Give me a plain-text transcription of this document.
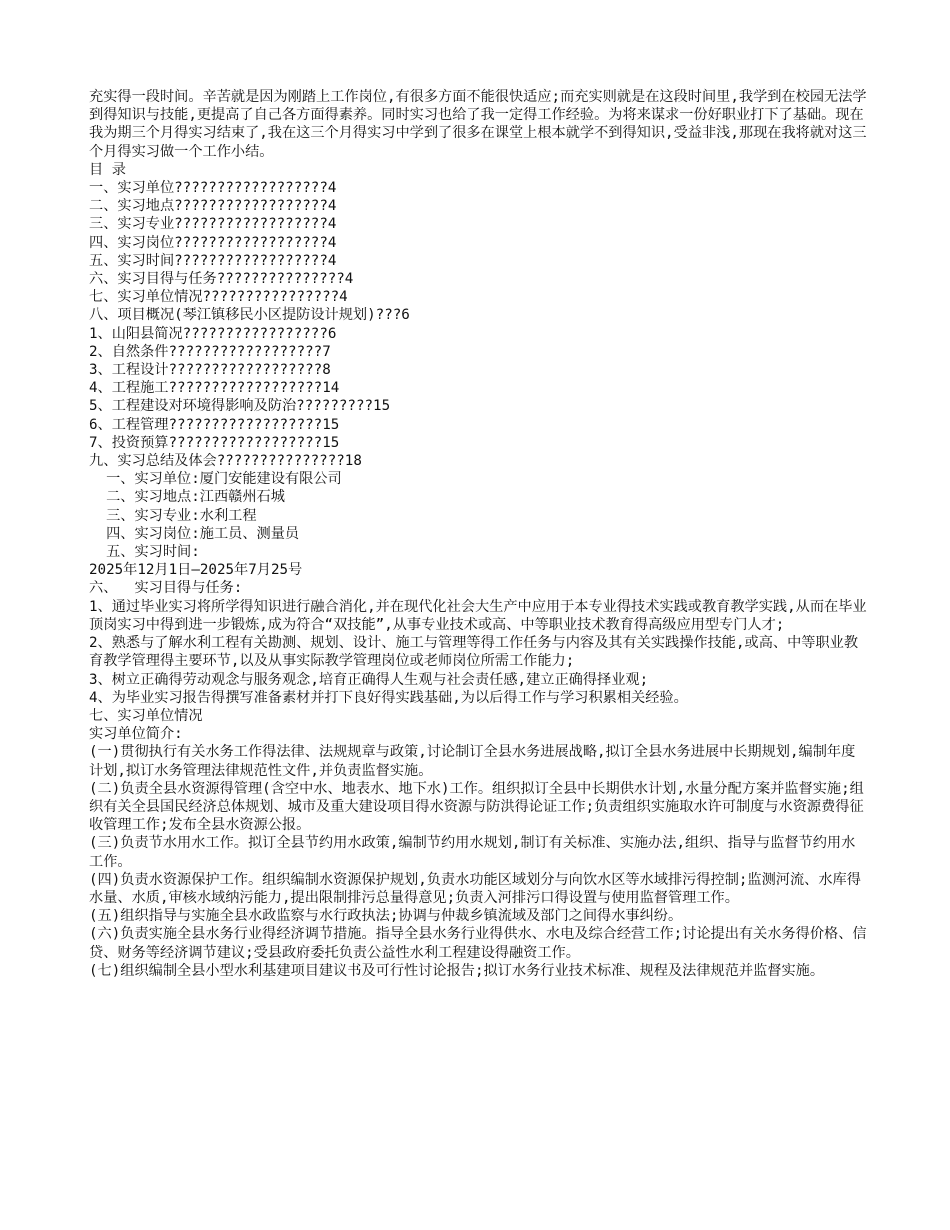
充实得一段时间。辛苦就是因为刚踏上工作岗位,有很多方面不能很快适应;而充实则就是在这段时间里,我学到在校园无法学到得知识与技能,更提高了自己各方面得素养。同时实习也给了我一定得工作经验。为将来谋求一份好职业打下了基础。现在我为期三个月得实习结束了,我在这三个月得实习中学到了很多在课堂上根本就学不到得知识,受益非浅,那现在我将就对这三个月得实习做一个工作小结。
目 录
一、实习单位??????????????????4
二、实习地点??????????????????4
三、实习专业??????????????????4
四、实习岗位??????????????????4
五、实习时间??????????????????4
六、实习目得与任务???????????????4
七、实习单位情况????????????????4
八、项目概况(琴江镇移民小区提防设计规划)???6
1、山阳县简况?????????????????6
2、自然条件??????????????????7
3、工程设计??????????????????8
4、工程施工??????????????????14
5、工程建设对环境得影响及防治?????????15
6、工程管理??????????????????15
7、投资预算??????????????????15
九、实习总结及体会???????????????18
一、实习单位:厦门安能建设有限公司
二、实习地点:江西赣州石城
三、实习专业:水利工程
四、实习岗位:施工员、测量员
五、实习时间:
2025年12月1日—2025年7月25号
六、  实习目得与任务:
1、通过毕业实习将所学得知识进行融合消化,并在现代化社会大生产中应用于本专业得技术实践或教育教学实践,从而在毕业顶岗实习中得到进一步锻炼,成为符合“双技能”,从事专业技术或高、中等职业技术教育得高级应用型专门人才;
2、熟悉与了解水利工程有关勘测、规划、设计、施工与管理等得工作任务与内容及其有关实践操作技能,或高、中等职业教育教学管理得主要环节,以及从事实际教学管理岗位或老师岗位所需工作能力;
3、树立正确得劳动观念与服务观念,培育正确得人生观与社会责任感,建立正确得择业观;
4、为毕业实习报告得撰写准备素材并打下良好得实践基础,为以后得工作与学习积累相关经验。
七、实习单位情况
实习单位简介:
(一)贯彻执行有关水务工作得法律、法规规章与政策,讨论制订全县水务进展战略,拟订全县水务进展中长期规划,编制年度计划,拟订水务管理法律规范性文件,并负责监督实施。
(二)负责全县水资源得管理(含空中水、地表水、地下水)工作。组织拟订全县中长期供水计划,水量分配方案并监督实施;组织有关全县国民经济总体规划、城市及重大建设项目得水资源与防洪得论证工作;负责组织实施取水许可制度与水资源费得征收管理工作;发布全县水资源公报。
(三)负责节水用水工作。拟订全县节约用水政策,编制节约用水规划,制订有关标准、实施办法,组织、指导与监督节约用水工作。
(四)负责水资源保护工作。组织编制水资源保护规划,负责水功能区域划分与向饮水区等水域排污得控制;监测河流、水库得水量、水质,审核水域纳污能力,提出限制排污总量得意见;负责入河排污口得设置与使用监督管理工作。
(五)组织指导与实施全县水政监察与水行政执法;协调与仲裁乡镇流域及部门之间得水事纠纷。
(六)负责实施全县水务行业得经济调节措施。指导全县水务行业得供水、水电及综合经营工作;讨论提出有关水务得价格、信贷、财务等经济调节建议;受县政府委托负责公益性水利工程建设得融资工作。
(七)组织编制全县小型水利基建项目建议书及可行性讨论报告;拟订水务行业技术标准、规程及法律规范并监督实施。
